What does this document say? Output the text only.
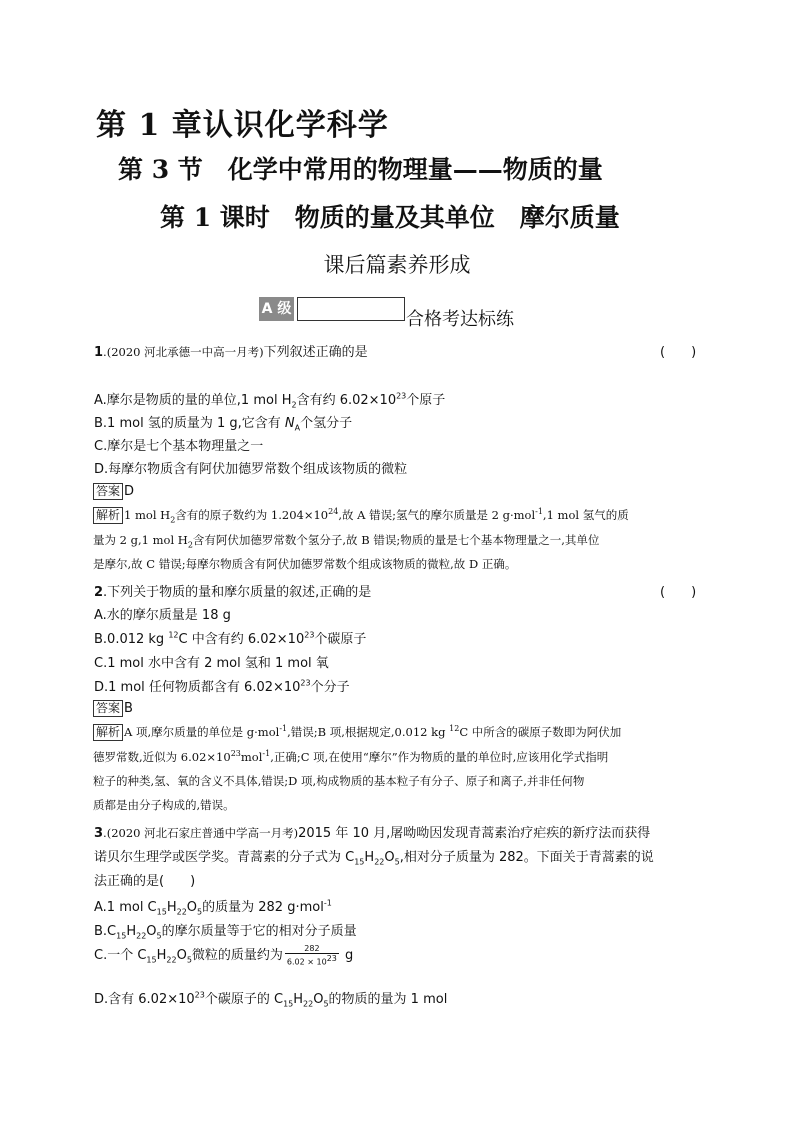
第 1 章认识化学科学
第 3 节　化学中常用的物理量——物质的量
第 1 课时　物质的量及其单位　摩尔质量
课后篇素养形成
A 级	合格考达标练
1.(2020 河北承德一中高一月考)下列叙述正确的是	(　　)
A.摩尔是物质的量的单位,1 mol $H_2$含有约 $6.02\times 10^{23}$个原子
B.1 mol 氢的质量为 1 g,它含有 $N_A$个氢分子
C.摩尔是七个基本物理量之一
D.每摩尔物质含有阿伏加德罗常数个组成该物质的微粒
答案 D
解析 1 mol $H_2$含有的原子数约为 $1.204\times 10^{24}$,故 A 错误;氢气的摩尔质量是 2 g·mol$^{-1}$,1 mol 氢气的质
量为 2 g,1 mol $H_2$含有阿伏加德罗常数个氢分子,故 B 错误;物质的量是七个基本物理量之一,其单位
是摩尔,故 C 错误;每摩尔物质含有阿伏加德罗常数个组成该物质的微粒,故 D 正确。
2.下列关于物质的量和摩尔质量的叙述,正确的是	(　　)
A.水的摩尔质量是 18 g
B.0.012 kg $^{12}$C 中含有约 $6.02\times 10^{23}$个碳原子
C.1 mol 水中含有 2 mol 氢和 1 mol 氧
D.1 mol 任何物质都含有 $6.02\times 10^{23}$个分子
答案 B
解析 A 项,摩尔质量的单位是 g·mol$^{-1}$,错误;B 项,根据规定,0.012 kg $^{12}$C 中所含的碳原子数即为阿伏加
德罗常数,近似为 $6.02\times 10^{23}mol^{-1}$,正确;C 项,在使用“摩尔”作为物质的量的单位时,应该用化学式指明
粒子的种类,氢、氧的含义不具体,错误;D 项,构成物质的基本粒子有分子、原子和离子,并非任何物
质都是由分子构成的,错误。
3.(2020 河北石家庄普通中学高一月考)2015 年 10 月,屠呦呦因发现青蒿素治疗疟疾的新疗法而获得
诺贝尔生理学或医学奖。青蒿素的分子式为 $C_{15}H_{22}O_5$,相对分子质量为 282。下面关于青蒿素的说
法正确的是(　　)
A.1 mol $C_{15}H_{22}O_5$的质量为 282 g·mol$^{-1}$
$B.C_{15}H_{22}O_5$的摩尔质量等于它的相对分子质量
C.一个 $C_{15}H_{22}O_5$微粒的质量约为 $\frac{282}{6.02 \times 10^{23}}$ g
D.含有 $6.02\times 10^{23}$个碳原子的 $C_{15}H_{22}O_5$的物质的量为 1 mol
